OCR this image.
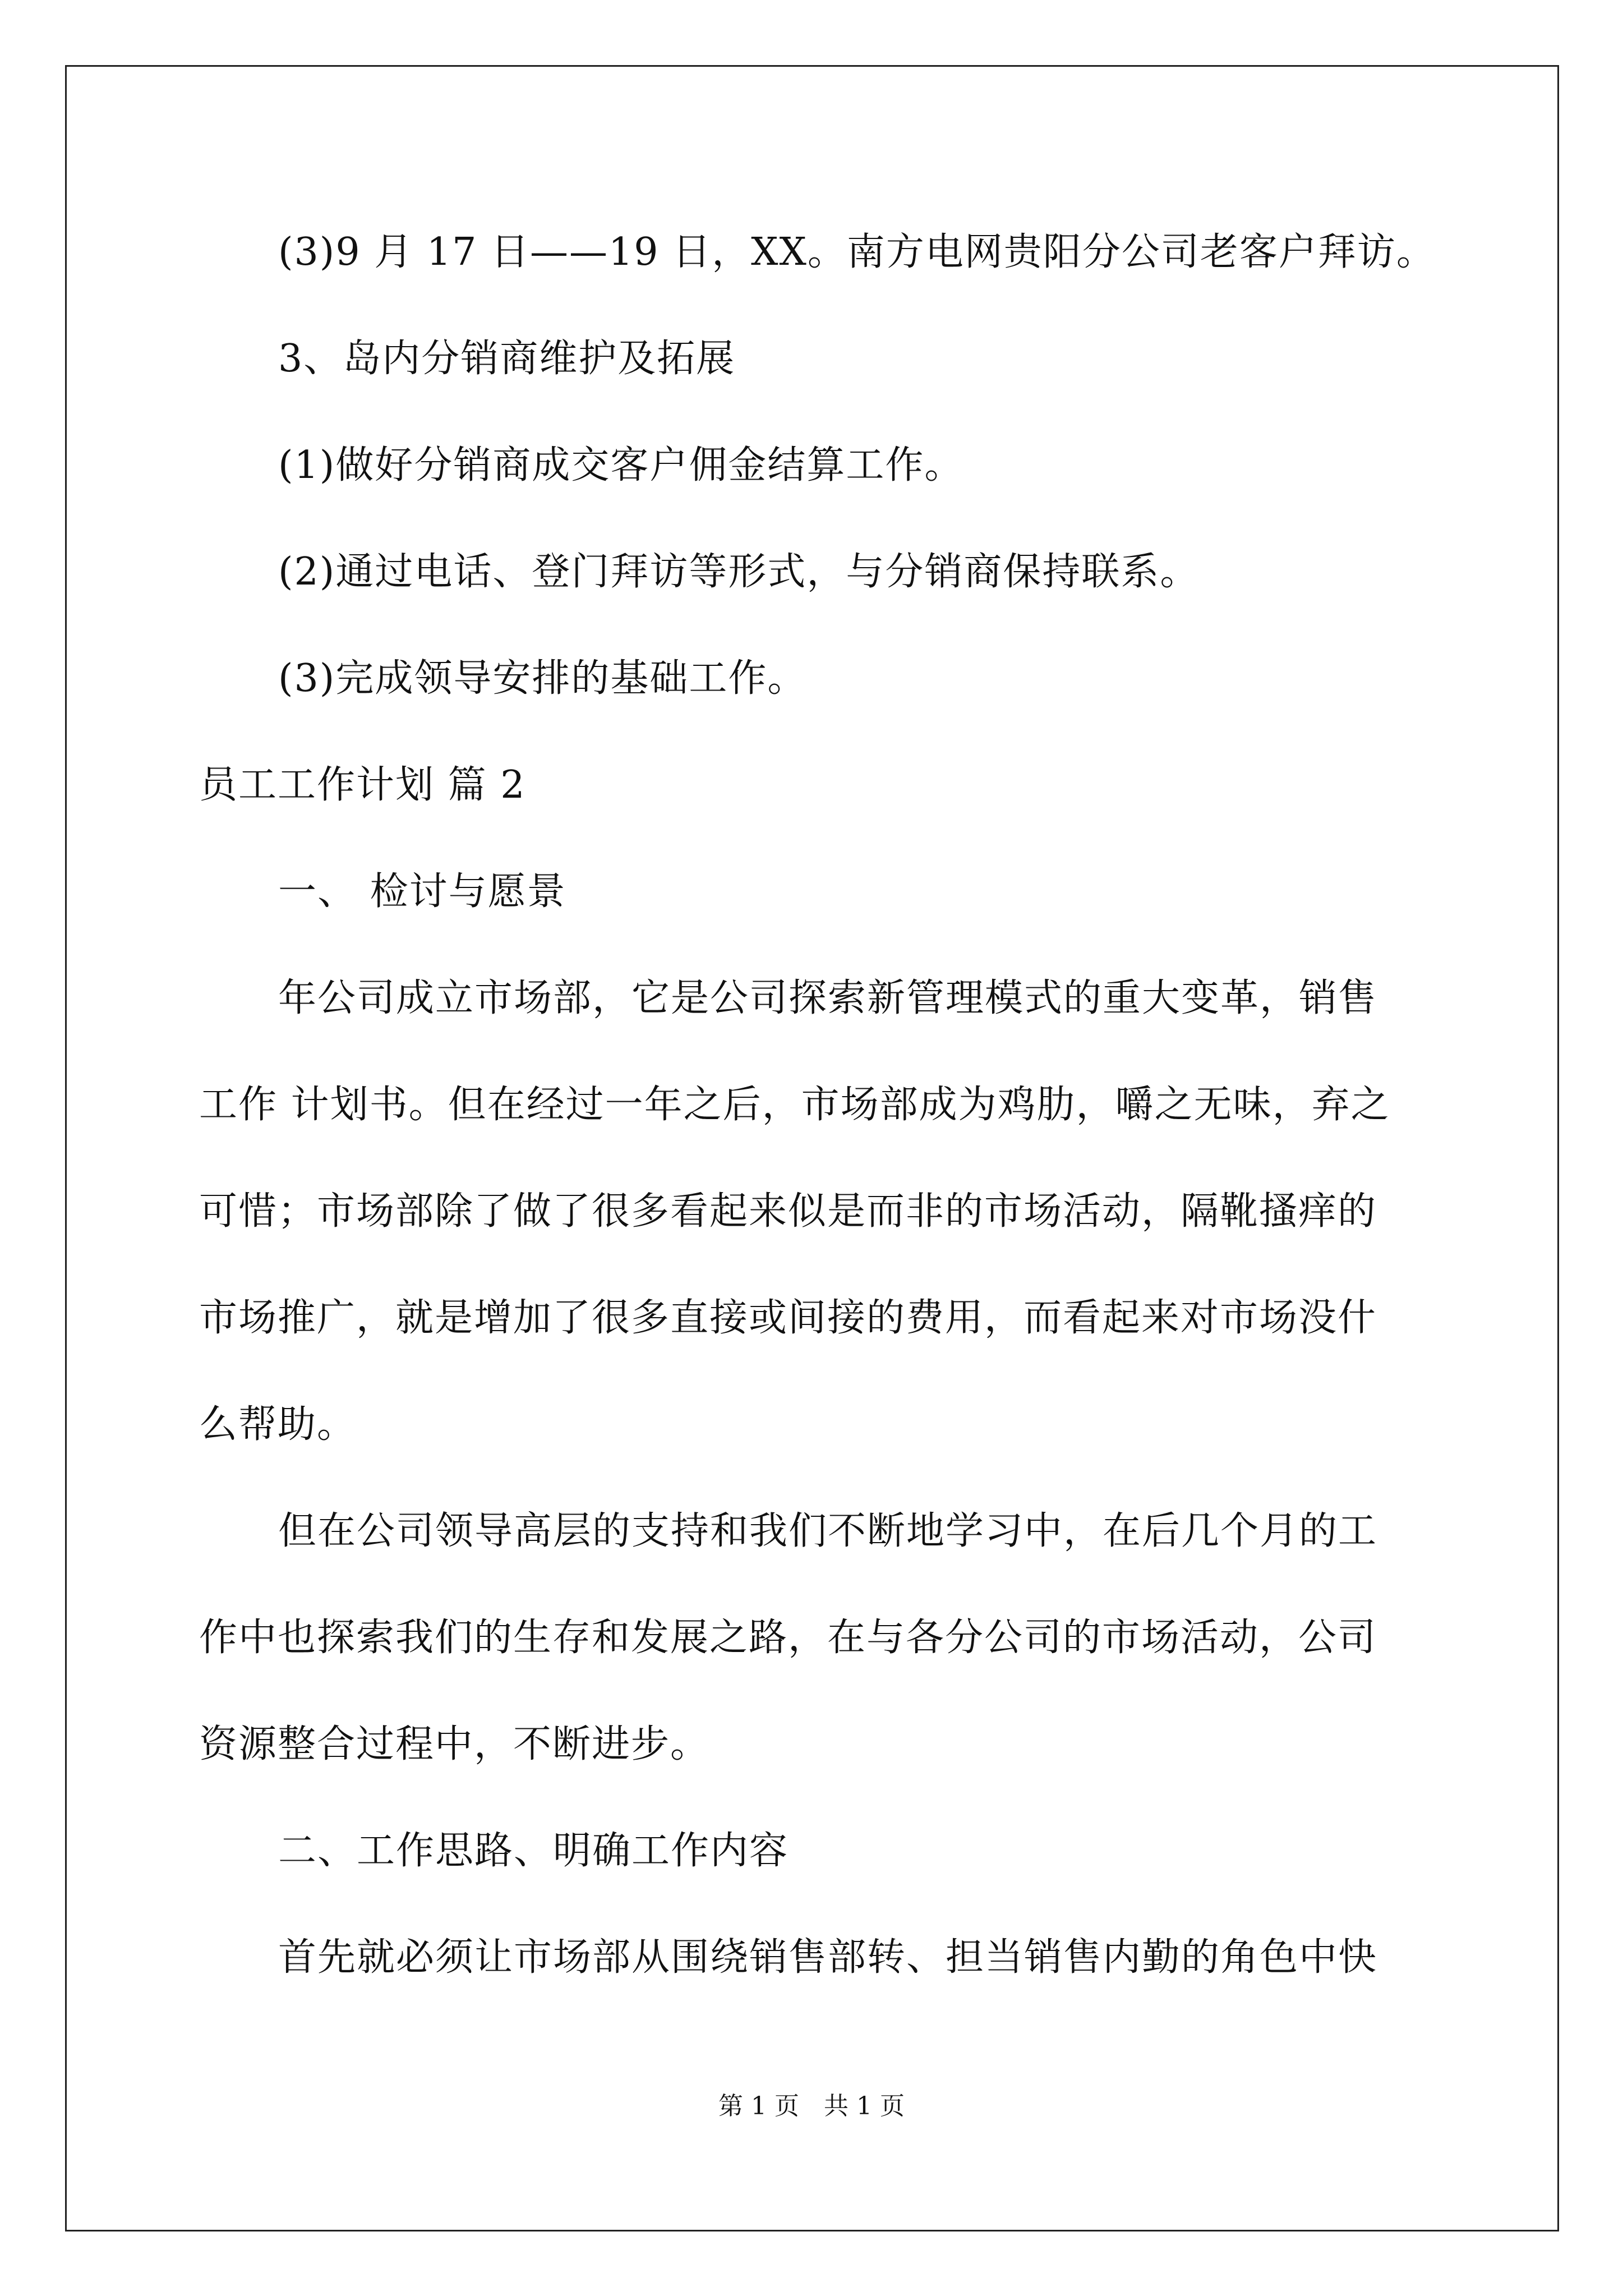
(3)9 月 17 日——19 日，XX。南方电网贵阳分公司老客户拜访。
3、岛内分销商维护及拓展
(1)做好分销商成交客户佣金结算工作。
(2)通过电话、登门拜访等形式，与分销商保持联系。
(3)完成领导安排的基础工作。
员工工作计划 篇 2
一、 检讨与愿景
年公司成立市场部，它是公司探索新管理模式的重大变革，销售
工作 计划书。但在经过一年之后，市场部成为鸡肋，嚼之无味，弃之
可惜；市场部除了做了很多看起来似是而非的市场活动，隔靴搔痒的
市场推广，就是增加了很多直接或间接的费用，而看起来对市场没什
么帮助。
但在公司领导高层的支持和我们不断地学习中，在后几个月的工
作中也探索我们的生存和发展之路，在与各分公司的市场活动，公司
资源整合过程中，不断进步。
二、工作思路、明确工作内容
首先就必须让市场部从围绕销售部转、担当销售内勤的角色中快
第 1 页　共 1 页
